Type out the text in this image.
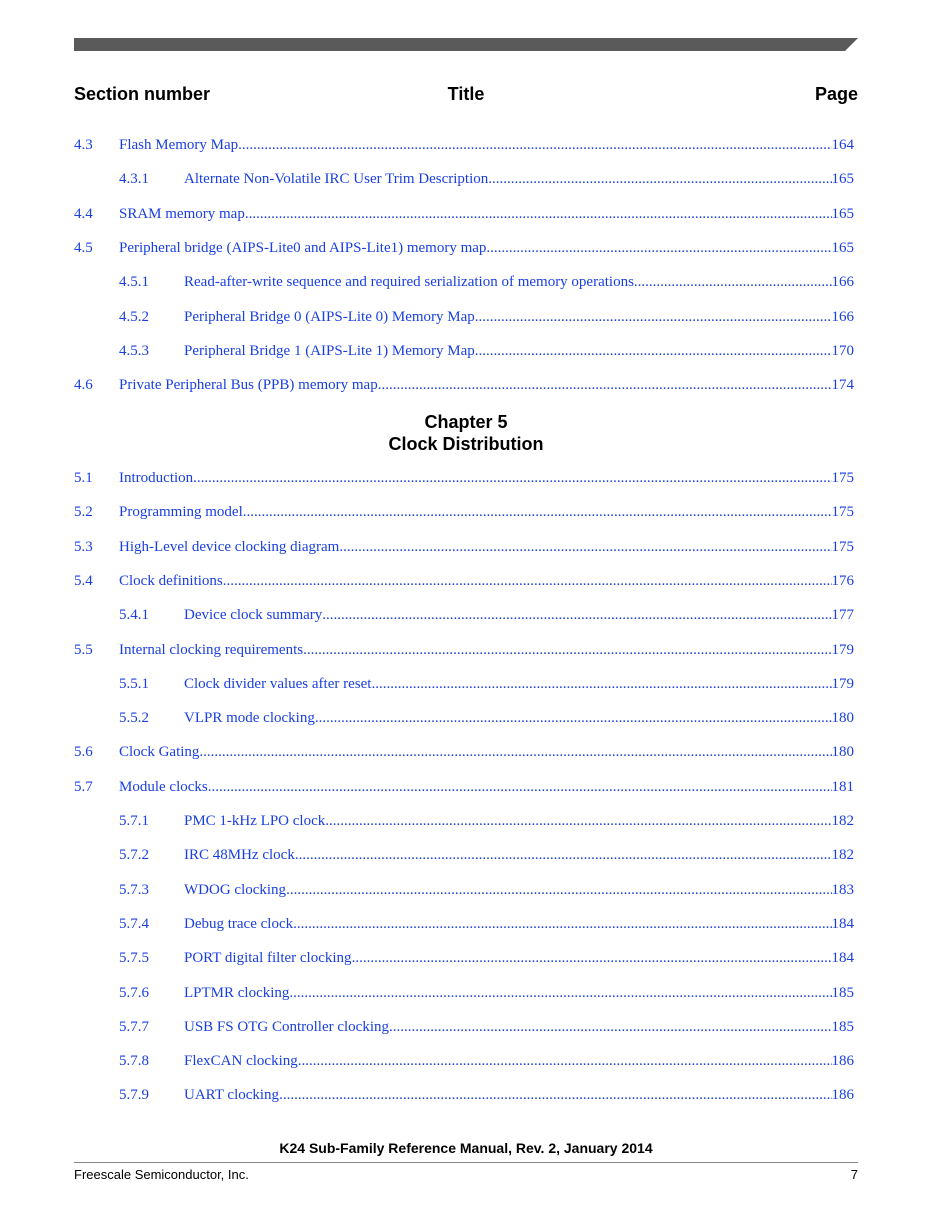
Section number	Title	Page
4.3 Flash Memory Map .....	164
4.3.1 Alternate Non-Volatile IRC User Trim Description .....	165
4.4 SRAM memory map .....	165
4.5 Peripheral bridge (AIPS-Lite0 and AIPS-Lite1) memory map .....	165
4.5.1 Read-after-write sequence and required serialization of memory operations .....	166
4.5.2 Peripheral Bridge 0 (AIPS-Lite 0) Memory Map .....	166
4.5.3 Peripheral Bridge 1 (AIPS-Lite 1) Memory Map .....	170
4.6 Private Peripheral Bus (PPB) memory map .....	174
Chapter 5
Clock Distribution
5.1 Introduction .....	175
5.2 Programming model .....	175
5.3 High-Level device clocking diagram .....	175
5.4 Clock definitions .....	176
5.4.1 Device clock summary .....	177
5.5 Internal clocking requirements .....	179
5.5.1 Clock divider values after reset .....	179
5.5.2 VLPR mode clocking .....	180
5.6 Clock Gating .....	180
5.7 Module clocks .....	181
5.7.1 PMC 1-kHz LPO clock .....	182
5.7.2 IRC 48MHz clock .....	182
5.7.3 WDOG clocking .....	183
5.7.4 Debug trace clock .....	184
5.7.5 PORT digital filter clocking .....	184
5.7.6 LPTMR clocking .....	185
5.7.7 USB FS OTG Controller clocking .....	185
5.7.8 FlexCAN clocking .....	186
5.7.9 UART clocking .....	186
K24 Sub-Family Reference Manual, Rev. 2, January 2014
Freescale Semiconductor, Inc.	7
